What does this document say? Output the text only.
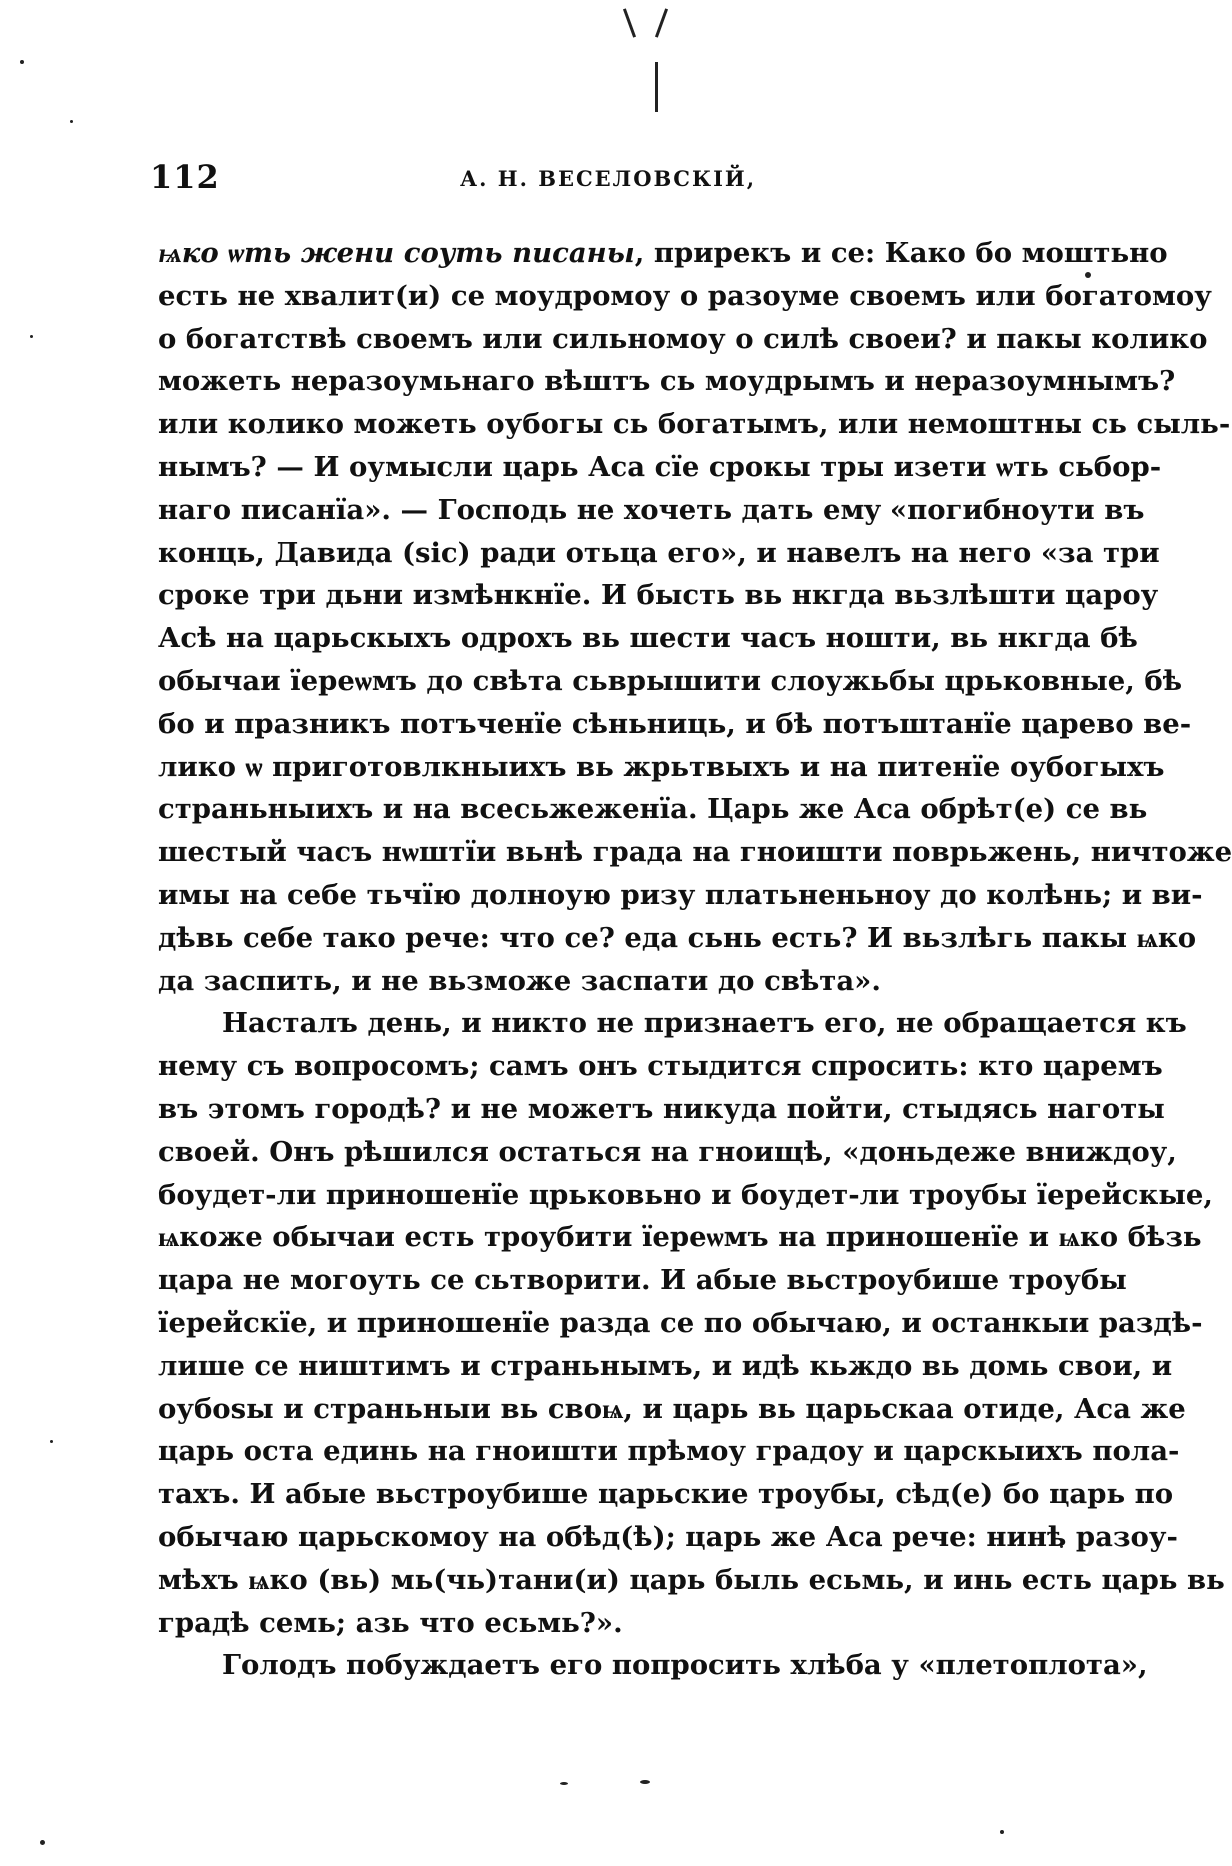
112	А. Н. ВЕСЕЛОВСКІЙ,
ѩко ѡть жени соуть писаны, прирекъ и се: Како бо моштьно
есть не хвалит(и) се моудромоу о разоуме своемъ или богатомоу
о богатствѣ своемъ или сильномоу о силѣ своеи? и пакы колико
можеть неразоумьнаго вѣштъ сь моудрымъ и неразоумнымъ?
или колико можеть оубогы сь богатымъ, или немоштны сь сыль-
нымъ? — И оумысли царь Аса сїе срокы тры изети ѡть сьбор-
наго писанїа». — Господь не хочеть дать емy «погибноути въ
конць, Давида (sic) ради отьца его», и навелъ на него «за три
сроке три дьни измѣнкнїе. И бысть вь нкгда вьзлѣшти цароу
Асѣ на царьскыхъ одрохъ вь шести часъ ношти, вь нкгда бѣ
обычаи їереѡмъ до свѣта сьврышити слоужьбы црьковные, бѣ
бо и празникъ потъченїе сѣньниць, и бѣ потъштанїе царево ве-
лико ѡ приготовлкныихъ вь жрьтвыхъ и на питенїе оубогыхъ
страньныихъ и на всесьжеженїа. Царь же Аса обрѣт(е) се вь
шестый часъ нѡштїи вьнѣ града на гноишти поврьжень, ничтоже
имы на себе тьчїю долноую ризу платьненьноу до колѣнь; и ви-
дѣвь себе тако рече: что се? еда сьнь есть? И вьзлѣгь пакы ѩко
да заспить, и не вьзможе заспати до свѣта».
Насталъ день, и никто не признаетъ его, не обращается къ
нему съ вопросомъ; самъ онъ стыдится спросить: кто царемъ
въ этомъ городѣ? и не можетъ никуда пойти, стыдясь наготы
своей. Онъ рѣшился остаться на гноищѣ, «доньдеже вниждоу,
боудет-ли приношенїе црьковьно и боудет-ли троубы їерейскые,
ѩкоже обычаи есть троубити їереѡмъ на приношенїе и ѩко бѣзь
цара не могоуть се сьтворити. И абые вьстроубише троубы
їерейскїе, и приношенїе разда се по обычаю, и останкыи раздѣ-
лише се ништимъ и страньнымъ, и идѣ кьждо вь домь свои, и
оубоѕы и страньныи вь своѩ, и царь вь царьскаа отиде, Аса же
царь оста единь на гноишти прѣмоу градоу и царскыихъ пола-
тахъ. И абые вьстроубише царьские троубы, сѣд(е) бо царь по
обычаю царьскомоу на обѣд(ѣ); царь же Аса рече: нинѣ разоу-
мѣхъ ѩко (вь) мь(чь)тани(и) царь быль есьмь, и инь есть царь вь
градѣ семь; азь что есьмь?».
Голодъ побуждаетъ его попросить хлѣба у «плетоплота»,
